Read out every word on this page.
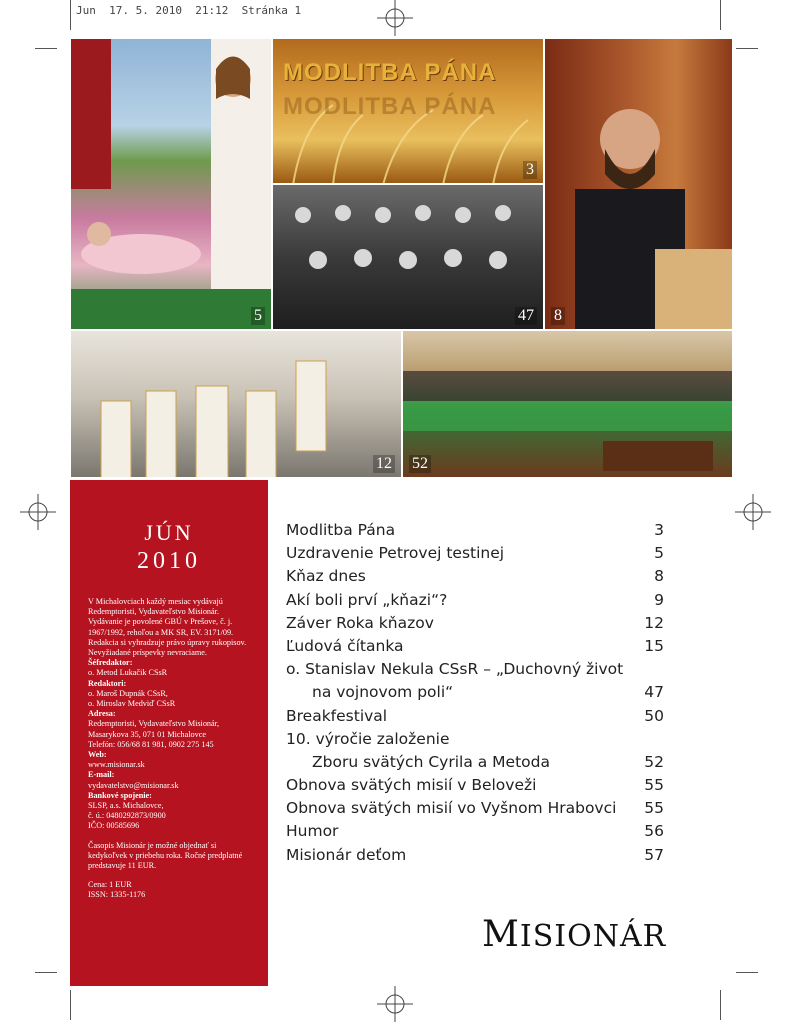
Jun  17. 5. 2010  21:12  Stránka 1
5
MODLITBA PÁNA
MODLITBA PÁNA
3
47 8
12 52
JÚN
2010
V Michalovciach každý mesiac vydávajú Redemptoristi, Vydavateľstvo Misionár. Vydávanie je povolené GBÚ v Prešove, č. j. 1967/1992, rehoľou a MK SR, EV. 3171/09. Redakcia si vyhradzuje právo úpravy rukopisov. Nevyžiadané príspevky nevraciame.
Šéfredaktor:
o. Metod Lukačik CSsR
Redaktori:
o. Maroš Dupnák CSsR,
o. Miroslav Medviď CSsR
Adresa:
Redemptoristi, Vydavateľstvo Misionár, Masarykova 35, 071 01 Michalovce
Telefón: 056/68 81 981, 0902 275 145
Web:
www.misionar.sk
E-mail:
vydavatelstvo@misionar.sk
Bankové spojenie:
SLSP, a.s. Michalovce,
č. ú.: 0480292873/0900
IČO: 00585696
Časopis Misionár je možné objednať si kedykoľvek v priebehu roka. Ročné predplatné predstavuje 11 EUR.
Cena: 1 EUR
ISSN: 1335-1176
Modlitba Pána	3
Uzdravenie Petrovej testinej	5
Kňaz dnes	8
Akí boli prví „kňazi“?	9
Záver Roka kňazov	12
Ľudová čítanka	15
o. Stanislav Nekula CSsR – „Duchovný život
na vojnovom poli“	47
Breakfestival	50
10. výročie založenie
Zboru svätých Cyrila a Metoda	52
Obnova svätých misií v Beloveži	55
Obnova svätých misií vo Vyšnom Hrabovci 55
Humor	56
Misionár deťom	57
MISIONÁR
